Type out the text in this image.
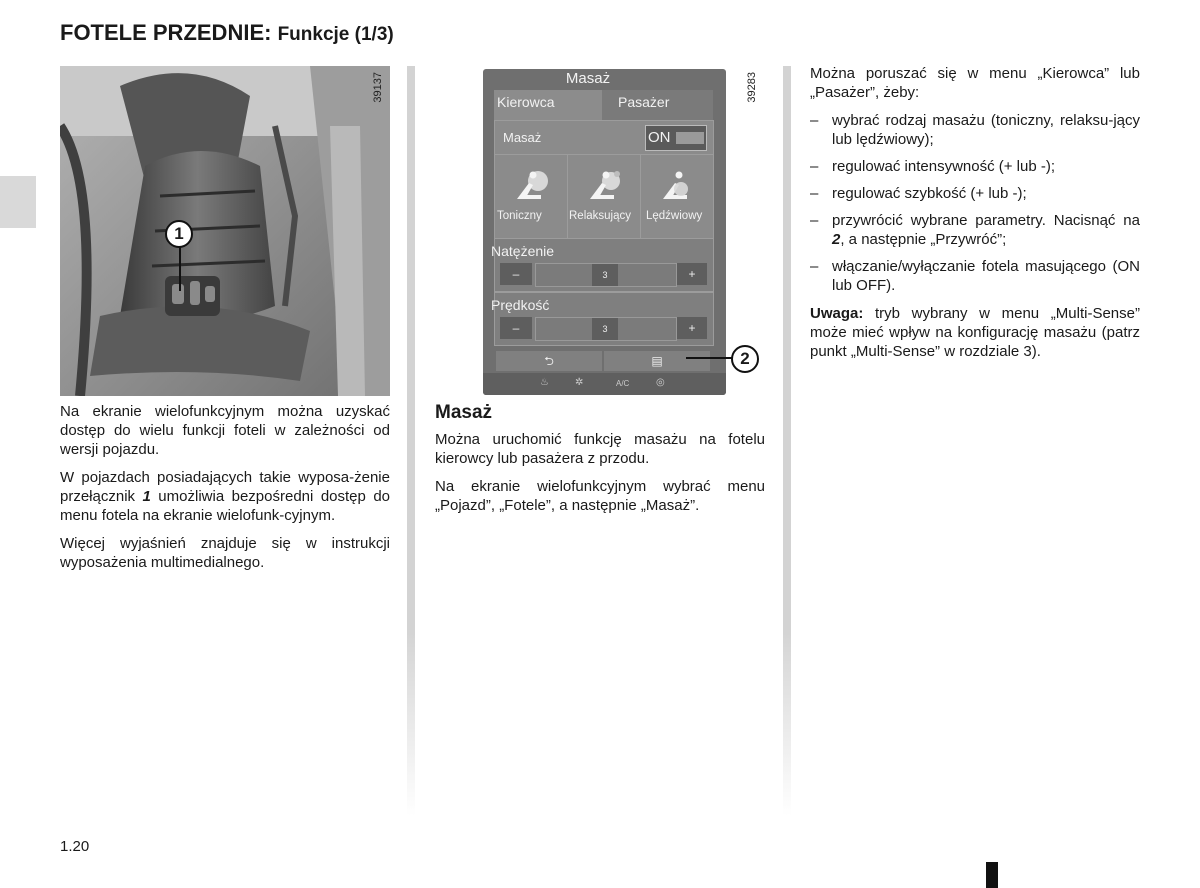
FOTELE PRZEDNIE: Funkcje (1/3)
39137
1

Na ekranie wielofunkcyjnym można uzyskać dostęp do wielu funkcji foteli w zależności od wersji pojazdu.

W pojazdach posiadających takie wyposa-żenie przełącznik 1 umożliwia bezpośredni dostęp do menu fotela na ekranie wielofunk-cyjnym.

Więcej wyjaśnień znajduje się w instrukcji wyposażenia multimedialnego.

Masaż
Kierowca	Pasażer
Masaż	ON
Toniczny Relaksujący Lędźwiowy
Natężenie
–	3	+
Prędkość
–	3	+
⮌	▤
♨	✲	A/C	◎
39283
2
Masaż

Można uruchomić funkcję masażu na fotelu kierowcy lub pasażera z przodu.

Na ekranie wielofunkcyjnym wybrać menu „Pojazd”, „Fotele”, a następnie „Masaż”.

Można poruszać się w menu „Kierowca” lub „Pasażer”, żeby:

– wybrać rodzaj masażu (toniczny, relaksu-jący lub lędźwiowy);
– regulować intensywność (+ lub -);
– regulować szybkość (+ lub -);
– przywrócić wybrane parametry. Nacisnąć na 2, a następnie „Przywróć”;
– włączanie/wyłączanie fotela masującego (ON lub OFF).

Uwaga: tryb wybrany w menu „Multi-Sense” może mieć wpływ na konfigurację masażu (patrz punkt „Multi-Sense” w rozdziale 3).

1.20
